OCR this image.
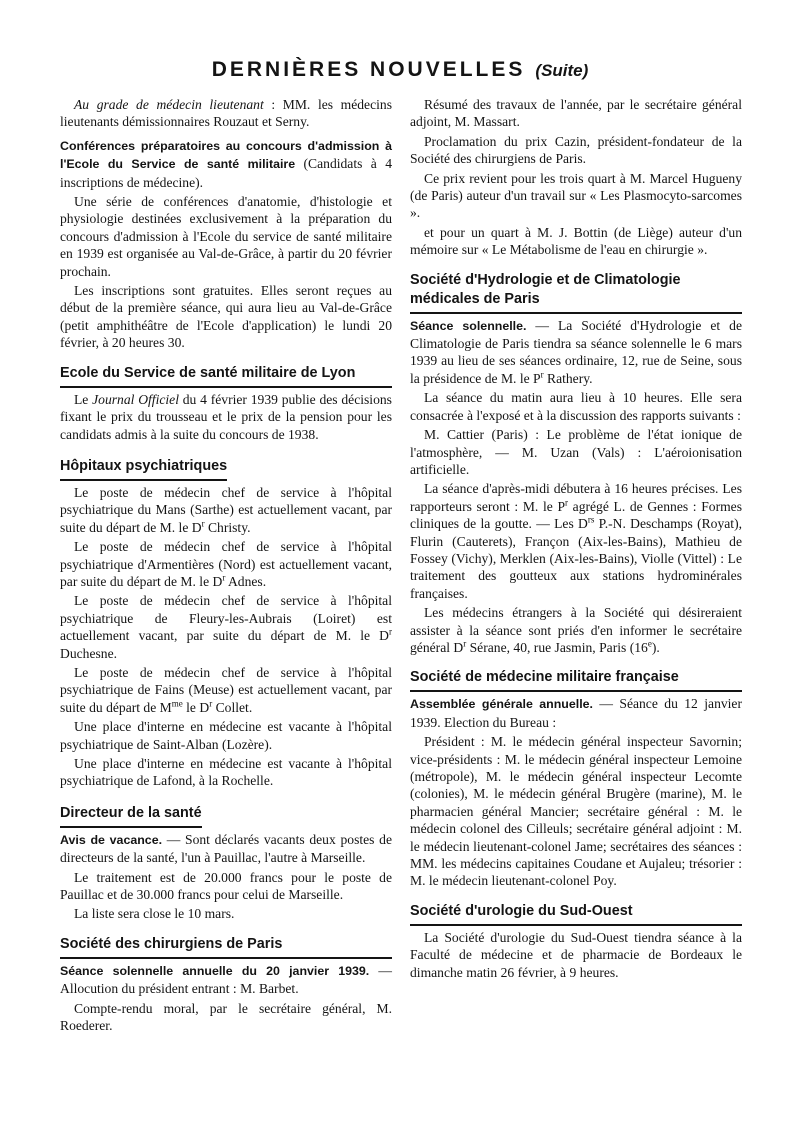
DERNIÈRES NOUVELLES (Suite)

Au grade de médecin lieutenant : MM. les médecins lieutenants démissionnaires Rouzaut et Serny.

Conférences préparatoires au concours d'admission à l'Ecole du Service de santé militaire (Candidats à 4 inscriptions de médecine).

Une série de conférences d'anatomie, d'histologie et physiologie destinées exclusivement à la préparation du concours d'admission à l'Ecole du service de santé militaire en 1939 est organisée au Val-de-Grâce, à partir du 20 février prochain.

Les inscriptions sont gratuites. Elles seront reçues au début de la première séance, qui aura lieu au Val-de-Grâce (petit amphithéâtre de l'Ecole d'application) le lundi 20 février, à 20 heures 30.

Ecole du Service de santé militaire de Lyon

Le Journal Officiel du 4 février 1939 publie des décisions fixant le prix du trousseau et le prix de la pension pour les candidats admis à la suite du concours de 1938.

Hôpitaux psychiatriques

Le poste de médecin chef de service à l'hôpital psychiatrique du Mans (Sarthe) est actuellement vacant, par suite du départ de M. le $D^r$ Christy.

Le poste de médecin chef de service à l'hôpital psychiatrique d'Armentières (Nord) est actuellement vacant, par suite du départ de M. le $D^r$ Adnes.

Le poste de médecin chef de service à l'hôpital psychiatrique de Fleury-les-Aubrais (Loiret) est actuellement vacant, par suite du départ de M. le $D^r$ Duchesne.

Le poste de médecin chef de service à l'hôpital psychiatrique de Fains (Meuse) est actuellement vacant, par suite du départ de $M^{me}$ le $D^r$ Collet.

Une place d'interne en médecine est vacante à l'hôpital psychiatrique de Saint-Alban (Lozère).

Une place d'interne en médecine est vacante à l'hôpital psychiatrique de Lafond, à la Rochelle.

Directeur de la santé

Avis de vacance. — Sont déclarés vacants deux postes de directeurs de la santé, l'un à Pauillac, l'autre à Marseille.

Le traitement est de 20.000 francs pour le poste de Pauillac et de 30.000 francs pour celui de Marseille.

La liste sera close le 10 mars.

Société des chirurgiens de Paris

Séance solennelle annuelle du 20 janvier 1939. — Allocution du président entrant : M. Barbet.

Compte-rendu moral, par le secrétaire général, M. Roederer.

Résumé des travaux de l'année, par le secrétaire général adjoint, M. Massart.

Proclamation du prix Cazin, président-fondateur de la Société des chirurgiens de Paris.

Ce prix revient pour les trois quart à M. Marcel Hugueny (de Paris) auteur d'un travail sur « Les Plasmocyto-sarcomes ».

et pour un quart à M. J. Bottin (de Liège) auteur d'un mémoire sur « Le Métabolisme de l'eau en chirurgie ».

Société d'Hydrologie et de Climatologie médicales de Paris

Séance solennelle. — La Société d'Hydrologie et de Climatologie de Paris tiendra sa séance solennelle le 6 mars 1939 au lieu de ses séances ordinaire, 12, rue de Seine, sous la présidence de M. le $P^r$ Rathery.

La séance du matin aura lieu à 10 heures. Elle sera consacrée à l'exposé et à la discussion des rapports suivants :

M. Cattier (Paris) : Le problème de l'état ionique de l'atmosphère, — M. Uzan (Vals) : L'aéroionisation artificielle.

La séance d'après-midi débutera à 16 heures précises. Les rapporteurs seront : M. le $P^r$ agrégé L. de Gennes : Formes cliniques de la goutte. — Les $D^{rs}$ P.-N. Deschamps (Royat), Flurin (Cauterets), Françon (Aix-les-Bains), Mathieu de Fossey (Vichy), Merklen (Aix-les-Bains), Violle (Vittel) : Le traitement des goutteux aux stations hydrominérales françaises.

Les médecins étrangers à la Société qui désireraient assister à la séance sont priés d'en informer le secrétaire général $D^r$ Sérane, 40, rue Jasmin, Paris (16e).

Société de médecine militaire française

Assemblée générale annuelle. — Séance du 12 janvier 1939. Election du Bureau :

Président : M. le médecin général inspecteur Savornin; vice-présidents : M. le médecin général inspecteur Lemoine (métropole), M. le médecin général inspecteur Lecomte (colonies), M. le médecin général Brugère (marine), M. le pharmacien général Mancier; secrétaire général : M. le médecin colonel des Cilleuls; secrétaire général adjoint : M. le médecin lieutenant-colonel Jame; secrétaires des séances : MM. les médecins capitaines Coudane et Aujaleu; trésorier : M. le médecin lieutenant-colonel Poy.

Société d'urologie du Sud-Ouest

La Société d'urologie du Sud-Ouest tiendra séance à la Faculté de médecine et de pharmacie de Bordeaux le dimanche matin 26 février, à 9 heures.
